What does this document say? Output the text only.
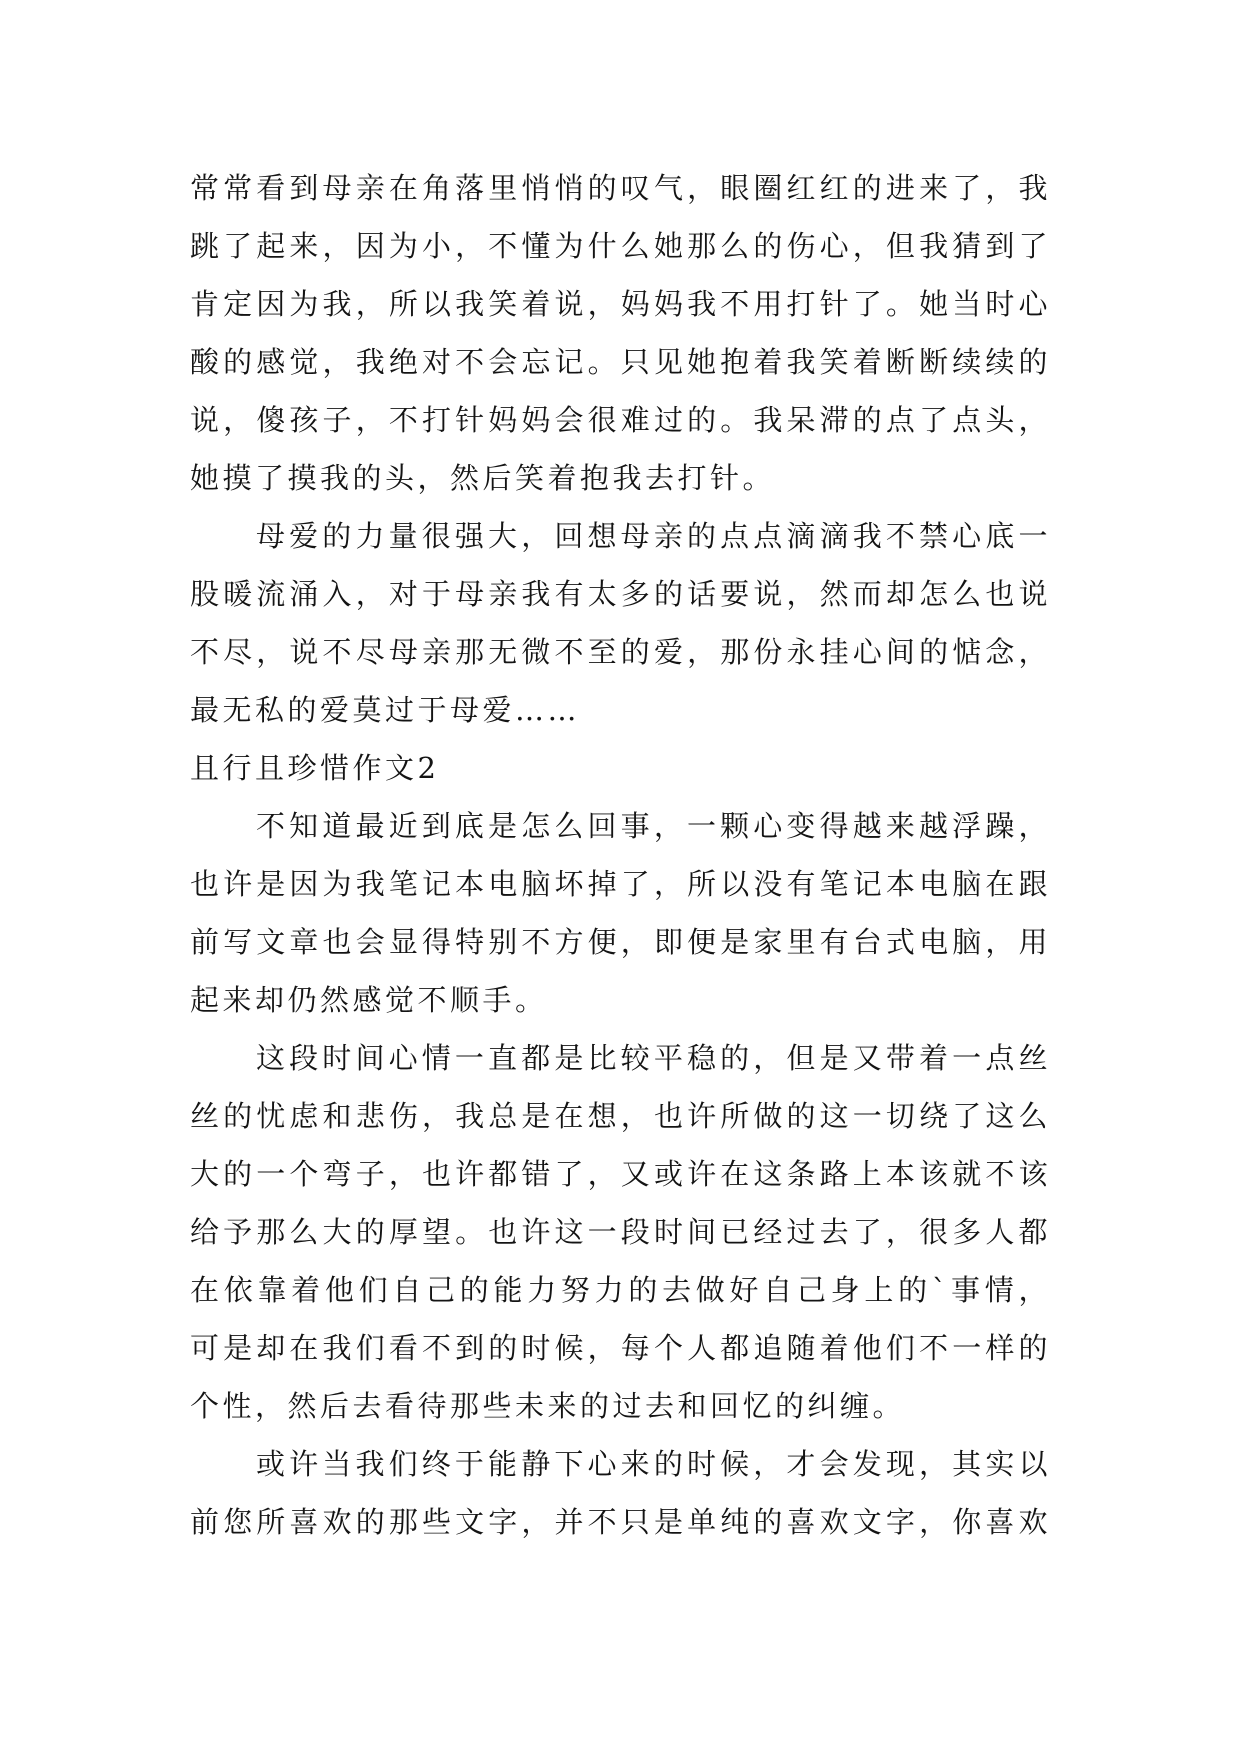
常常看到母亲在角落里悄悄的叹气，眼圈红红的进来了，我
跳了起来，因为小，不懂为什么她那么的伤心，但我猜到了
肯定因为我，所以我笑着说，妈妈我不用打针了。她当时心
酸的感觉，我绝对不会忘记。只见她抱着我笑着断断续续的
说，傻孩子，不打针妈妈会很难过的。我呆滞的点了点头，
她摸了摸我的头，然后笑着抱我去打针。
母爱的力量很强大，回想母亲的点点滴滴我不禁心底一
股暖流涌入，对于母亲我有太多的话要说，然而却怎么也说
不尽，说不尽母亲那无微不至的爱，那份永挂心间的惦念，
最无私的爱莫过于母爱……
且行且珍惜作文2
不知道最近到底是怎么回事，一颗心变得越来越浮躁，
也许是因为我笔记本电脑坏掉了，所以没有笔记本电脑在跟
前写文章也会显得特别不方便，即便是家里有台式电脑，用
起来却仍然感觉不顺手。
这段时间心情一直都是比较平稳的，但是又带着一点丝
丝的忧虑和悲伤，我总是在想，也许所做的这一切绕了这么
大的一个弯子，也许都错了，又或许在这条路上本该就不该
给予那么大的厚望。也许这一段时间已经过去了，很多人都
在依靠着他们自己的能力努力的去做好自己身上的`事情，
可是却在我们看不到的时候，每个人都追随着他们不一样的
个性，然后去看待那些未来的过去和回忆的纠缠。
或许当我们终于能静下心来的时候，才会发现，其实以
前您所喜欢的那些文字，并不只是单纯的喜欢文字，你喜欢
